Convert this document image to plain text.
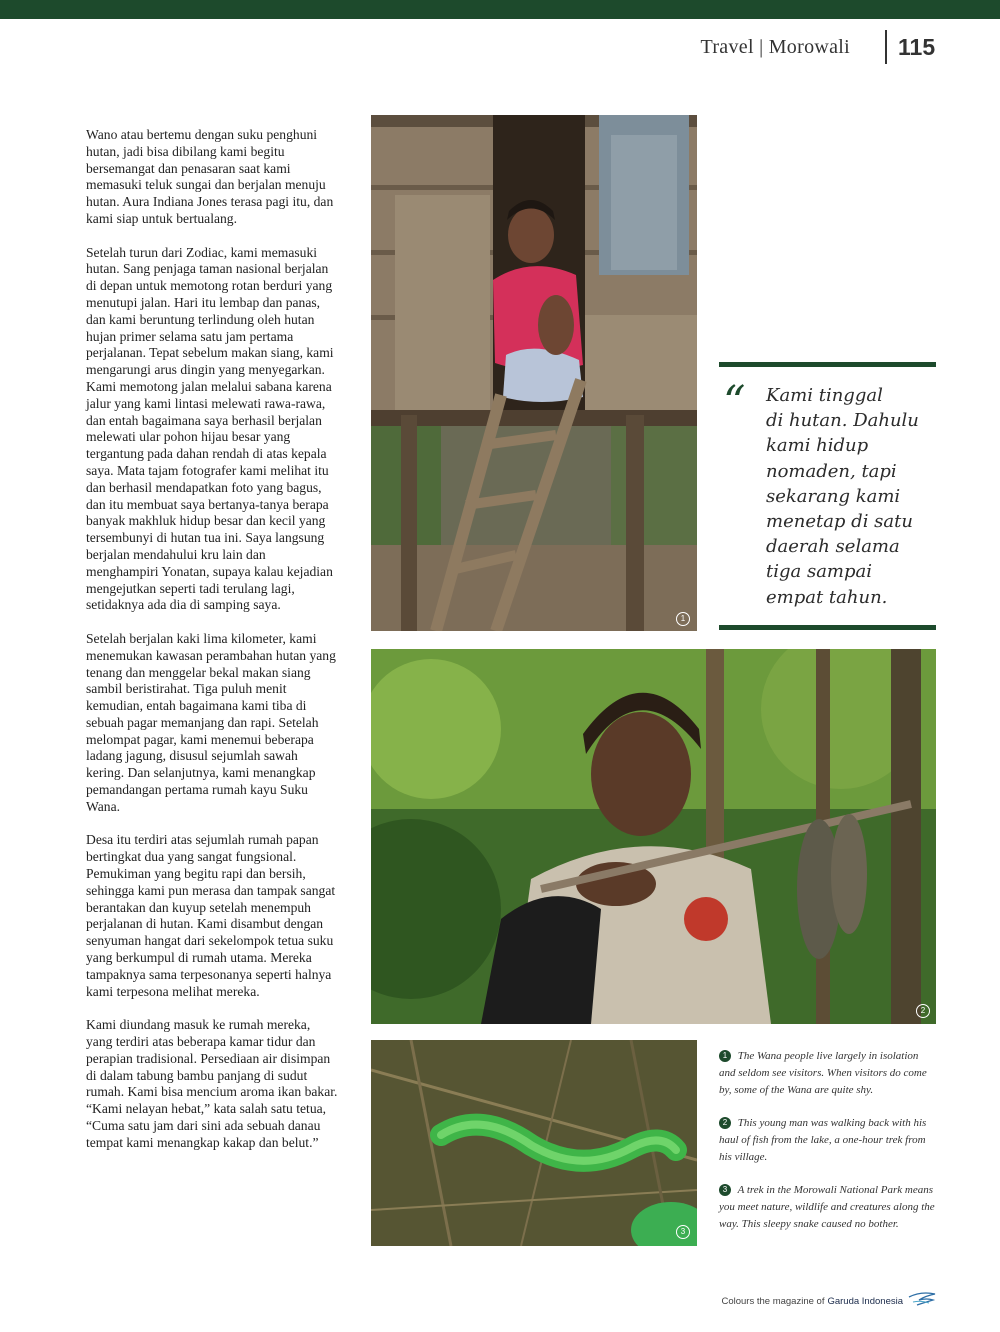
Travel | Morowali 115

Wano atau bertemu dengan suku penghuni hutan, jadi bisa dibilang kami begitu bersemangat dan penasaran saat kami memasuki teluk sungai dan berjalan menuju hutan. Aura Indiana Jones terasa pagi itu, dan kami siap untuk bertualang.

Setelah turun dari Zodiac, kami memasuki hutan. Sang penjaga taman nasional berjalan di depan untuk memotong rotan berduri yang menutupi jalan. Hari itu lembap dan panas, dan kami beruntung terlindung oleh hutan hujan primer selama satu jam pertama perjalanan. Tepat sebelum makan siang, kami mengarungi arus dingin yang menyegarkan. Kami memotong jalan melalui sabana karena jalur yang kami lintasi melewati rawa-rawa, dan entah bagaimana saya berhasil berjalan melewati ular pohon hijau besar yang tergantung pada dahan rendah di atas kepala saya. Mata tajam fotografer kami melihat itu dan berhasil mendapatkan foto yang bagus, dan itu membuat saya bertanya-tanya berapa banyak makhluk hidup besar dan kecil yang tersembunyi di hutan tua ini. Saya langsung berjalan mendahului kru lain dan menghampiri Yonatan, supaya kalau kejadian mengejutkan seperti tadi terulang lagi, setidaknya ada dia di samping saya.

Setelah berjalan kaki lima kilometer, kami menemukan kawasan perambahan hutan yang tenang dan menggelar bekal makan siang sambil beristirahat. Tiga puluh menit kemudian, entah bagaimana kami tiba di sebuah pagar memanjang dan rapi. Setelah melompat pagar, kami menemui beberapa ladang jagung, disusul sejumlah sawah kering. Dan selanjutnya, kami menangkap pemandangan pertama rumah kayu Suku Wana.

Desa itu terdiri atas sejumlah rumah papan bertingkat dua yang sangat fungsional. Pemukiman yang begitu rapi dan bersih, sehingga kami pun merasa dan tampak sangat berantakan dan kuyup setelah menempuh perjalanan di hutan. Kami disambut dengan senyuman hangat dari sekelompok tetua suku yang berkumpul di rumah utama. Mereka tampaknya sama terpesonanya seperti halnya kami terpesona melihat mereka.

Kami diundang masuk ke rumah mereka, yang terdiri atas beberapa kamar tidur dan perapian tradisional. Persediaan air disimpan di dalam tabung bambu panjang di sudut rumah. Kami bisa mencium aroma ikan bakar. “Kami nelayan hebat,” kata salah satu tetua, “Cuma satu jam dari sini ada sebuah danau tempat kami menangkap kakap dan belut.”

1
“ Kami tinggal
di hutan. Dahulu
kami hidup
nomaden, tapi
sekarang kami
menetap di satu
daerah selama
tiga sampai
empat tahun.
2
3
1 The Wana people live largely in isolation and seldom see visitors. When visitors do come by, some of the Wana are quite shy.
2 This young man was walking back with his haul of fish from the lake, a one-hour trek from his village.
3 A trek in the Morowali National Park means you meet nature, wildlife and creatures along the way. This sleepy snake caused no bother.
Colours the magazine of Garuda Indonesia
